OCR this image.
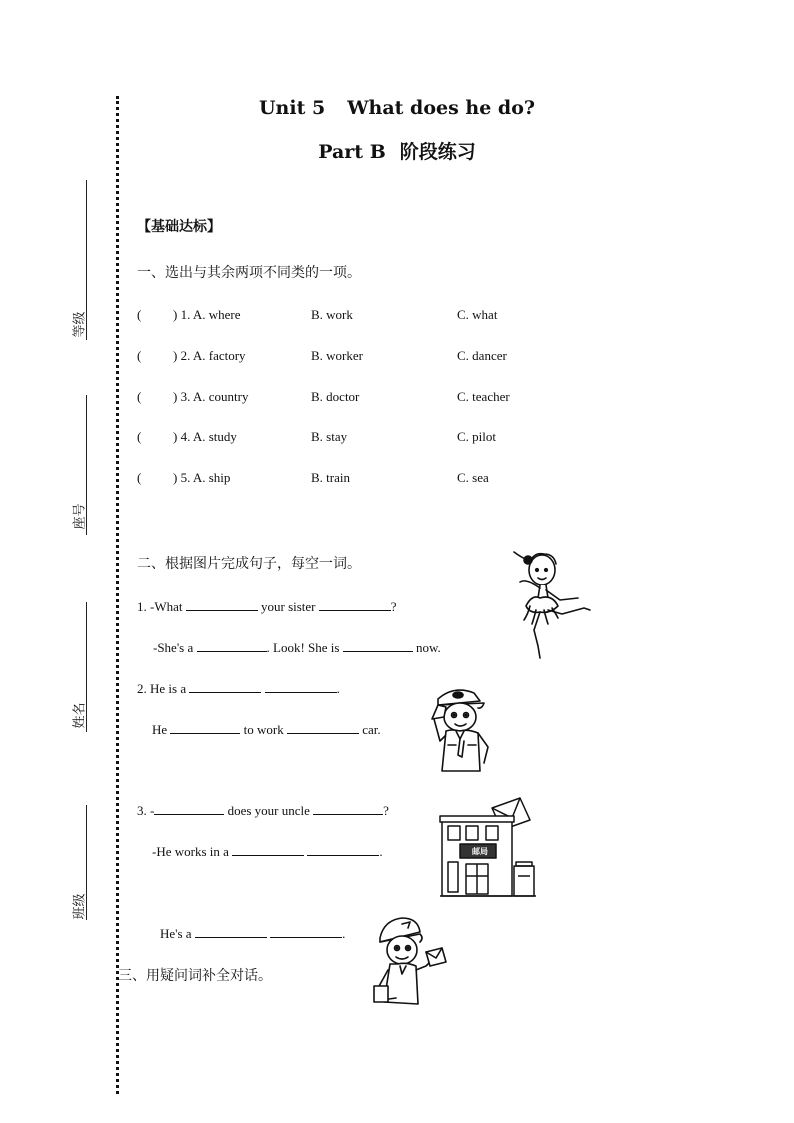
等级
座号
姓名
班级
Unit 5 What does he do?
Part B 阶段练习
【基础达标】
一、选出与其余两项不同类的一项。
( ) 1. A. where	B. work	C. what
( ) 2. A. factory	B. worker	C. dancer
( ) 3. A. country	B. doctor	C. teacher
( ) 4. A. study	B. stay	C. pilot
( ) 5. A. ship	B. train	C. sea
二、根据图片完成句子，每空一词。
1. -What	your sister	?
-She's a	. Look! She is	now.
2. He is a	.
He	to work	car.
3. -	does your uncle	?
-He works in a	.
He's a	.
三、用疑问词补全对话。
邮局
